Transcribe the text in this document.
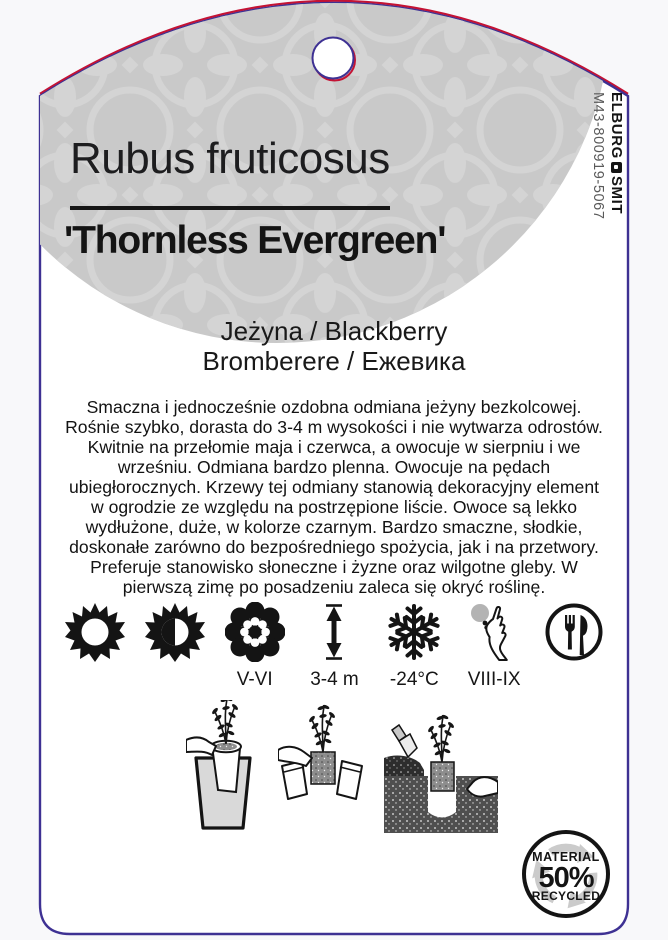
Rubus fruticosus
'Thornless Evergreen'
ELBURG
SMIT
M43-800919-5067
Jeżyna / Blackberry
Bromberere / Ежевика
Smaczna i jednocześnie ozdobna odmiana jeżyny bezkolcowej. Rośnie szybko, dorasta do 3-4 m wysokości i nie wytwarza odrostów. Kwitnie na przełomie maja i czerwca, a owocuje w sierpniu i we wrześniu. Odmiana bardzo plenna. Owocuje na pędach ubiegłorocznych. Krzewy tej odmiany stanowią dekoracyjny element w ogrodzie ze względu na postrzępione liście. Owoce są lekko wydłużone, duże, w kolorze czarnym. Bardzo smaczne, słodkie, doskonałe zarówno do bezpośredniego spożycia, jak i na przetwory. Preferuje stanowisko słoneczne i żyzne oraz wilgotne gleby. W pierwszą zimę po posadzeniu zaleca się okryć roślinę.
V-VI	3-4 m	-24°C	VIII-IX
MATERIAL
50%
RECYCLED
